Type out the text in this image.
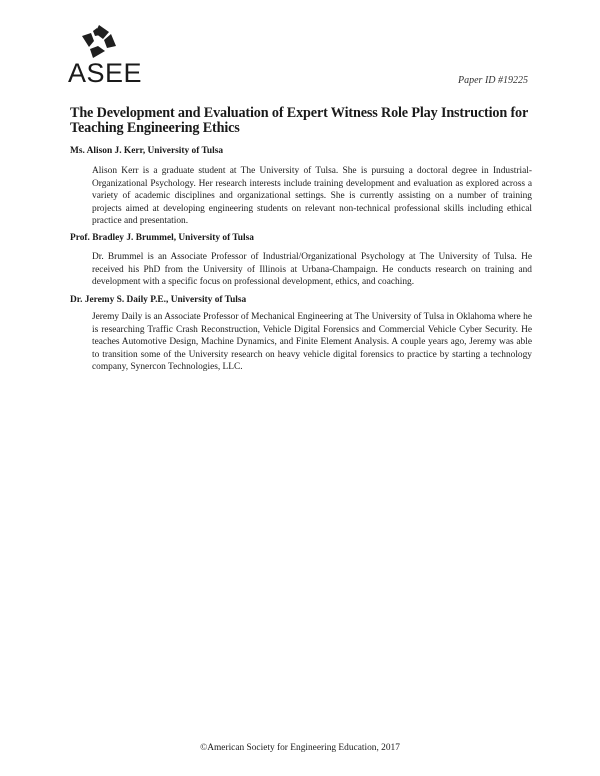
ASEE	Paper ID #19225
The Development and Evaluation of Expert Witness Role Play Instruction for Teaching Engineering Ethics

Ms. Alison J. Kerr, University of Tulsa

Alison Kerr is a graduate student at The University of Tulsa. She is pursuing a doctoral degree in Industrial-Organizational Psychology. Her research interests include training development and evaluation as explored across a variety of academic disciplines and organizational settings. She is currently assisting on a number of training projects aimed at developing engineering students on relevant non-technical professional skills including ethical practice and presentation.

Prof. Bradley J. Brummel, University of Tulsa

Dr. Brummel is an Associate Professor of Industrial/Organizational Psychology at The University of Tulsa. He received his PhD from the University of Illinois at Urbana-Champaign. He conducts research on training and development with a specific focus on professional development, ethics, and coaching.

Dr. Jeremy S. Daily P.E., University of Tulsa

Jeremy Daily is an Associate Professor of Mechanical Engineering at The University of Tulsa in Oklahoma where he is researching Traffic Crash Reconstruction, Vehicle Digital Forensics and Commercial Vehicle Cyber Security. He teaches Automotive Design, Machine Dynamics, and Finite Element Analysis. A couple years ago, Jeremy was able to transition some of the University research on heavy vehicle digital forensics to practice by starting a technology company, Synercon Technologies, LLC.

©American Society for Engineering Education, 2017
